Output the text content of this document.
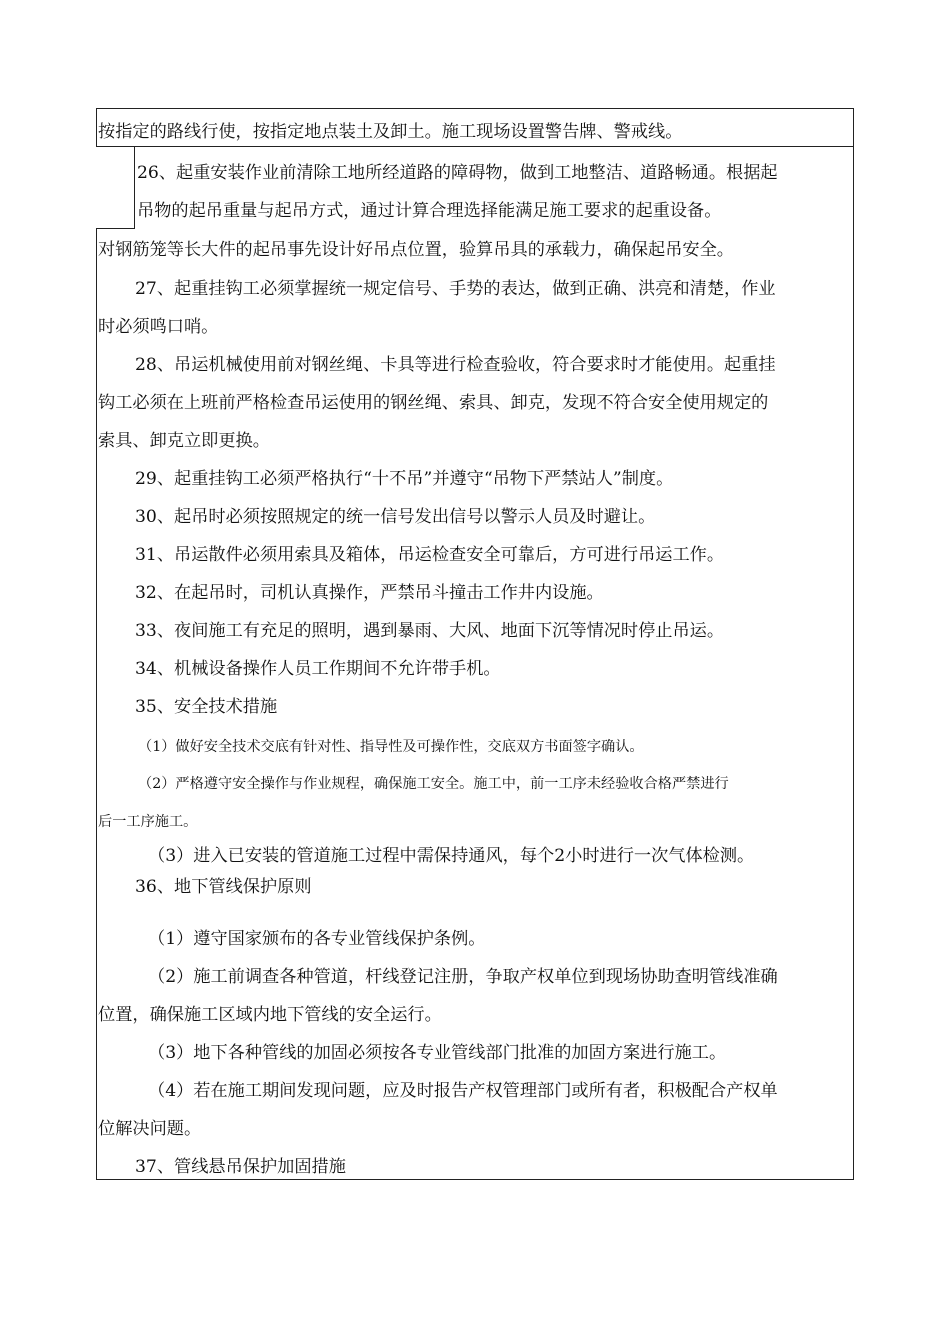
按指定的路线行使，按指定地点装土及卸土。施工现场设置警告牌、警戒线。
26、起重安装作业前清除工地所经道路的障碍物，做到工地整洁、道路畅通。根据起
吊物的起吊重量与起吊方式，通过计算合理选择能满足施工要求的起重设备。
对钢筋笼等长大件的起吊事先设计好吊点位置，验算吊具的承载力，确保起吊安全。
27、起重挂钩工必须掌握统一规定信号、手势的表达，做到正确、洪亮和清楚，作业
时必须鸣口哨。
28、吊运机械使用前对钢丝绳、卡具等进行检查验收，符合要求时才能使用。起重挂
钩工必须在上班前严格检查吊运使用的钢丝绳、索具、卸克，发现不符合安全使用规定的
索具、卸克立即更换。
29、起重挂钩工必须严格执行“十不吊”并遵守“吊物下严禁站人”制度。
30、起吊时必须按照规定的统一信号发出信号以警示人员及时避让。
31、吊运散件必须用索具及箱体，吊运检查安全可靠后，方可进行吊运工作。
32、在起吊时，司机认真操作，严禁吊斗撞击工作井内设施。
33、夜间施工有充足的照明，遇到暴雨、大风、地面下沉等情况时停止吊运。
34、机械设备操作人员工作期间不允许带手机。
35、安全技术措施
（1）做好安全技术交底有针对性、指导性及可操作性，交底双方书面签字确认。
（2）严格遵守安全操作与作业规程，确保施工安全。施工中，前一工序未经验收合格严禁进行
后一工序施工。
（3）进入已安装的管道施工过程中需保持通风，每个2小时进行一次气体检测。
36、地下管线保护原则
（1）遵守国家颁布的各专业管线保护条例。
（2）施工前调查各种管道，杆线登记注册，争取产权单位到现场协助查明管线准确
位置，确保施工区域内地下管线的安全运行。
（3）地下各种管线的加固必须按各专业管线部门批准的加固方案进行施工。
（4）若在施工期间发现问题，应及时报告产权管理部门或所有者，积极配合产权单
位解决问题。
37、管线悬吊保护加固措施
